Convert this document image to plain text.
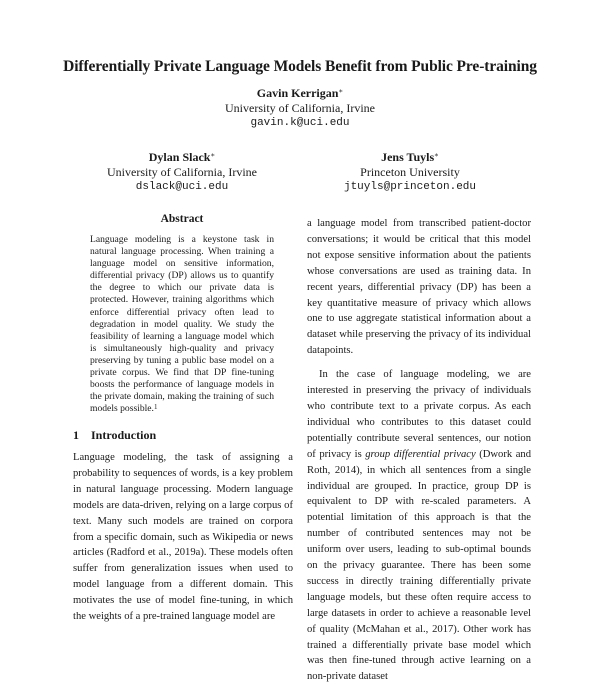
Differentially Private Language Models Benefit from Public Pre-training
Gavin Kerrigan∗
University of California, Irvine
gavin.k@uci.edu
Dylan Slack∗
University of California, Irvine
dslack@uci.edu
Jens Tuyls∗
Princeton University
jtuyls@princeton.edu
Abstract

Language modeling is a keystone task in natural language processing. When training a language model on sensitive information, differential privacy (DP) allows us to quantify the degree to which our private data is protected. However, training algorithms which enforce differential privacy often lead to degradation in model quality. We study the feasibility of learning a language model which is simultaneously high-quality and privacy preserving by tuning a public base model on a private corpus. We find that DP fine-tuning boosts the performance of language models in the private domain, making the training of such models possible.$^1$

1 Introduction

Language modeling, the task of assigning a probability to sequences of words, is a key problem in natural language processing. Modern language models are data-driven, relying on a large corpus of text. Many such models are trained on corpora from a specific domain, such as Wikipedia or news articles (Radford et al., 2019a). These models often suffer from generalization issues when used to model language from a different domain. This motivates the use of model fine-tuning, in which the weights of a pre-trained language model are

a language model from transcribed patient-doctor conversations; it would be critical that this model not expose sensitive information about the patients whose conversations are used as training data. In recent years, differential privacy (DP) has been a key quantitative measure of privacy which allows one to use aggregate statistical information about a dataset while preserving the privacy of its individual datapoints.

In the case of language modeling, we are interested in preserving the privacy of individuals who contribute text to a private corpus. As each individual who contributes to this dataset could potentially contribute several sentences, our notion of privacy is group differential privacy (Dwork and Roth, 2014), in which all sentences from a single individual are grouped. In practice, group DP is equivalent to DP with re-scaled parameters. A potential limitation of this approach is that the number of contributed sentences may not be uniform over users, leading to sub-optimal bounds on the privacy guarantee. There has been some success in directly training differentially private language models, but these often require access to large datasets in order to achieve a reasonable level of quality (McMahan et al., 2017). Other work has trained a differentially private base model which was then fine-tuned through active learning on a non-private dataset
